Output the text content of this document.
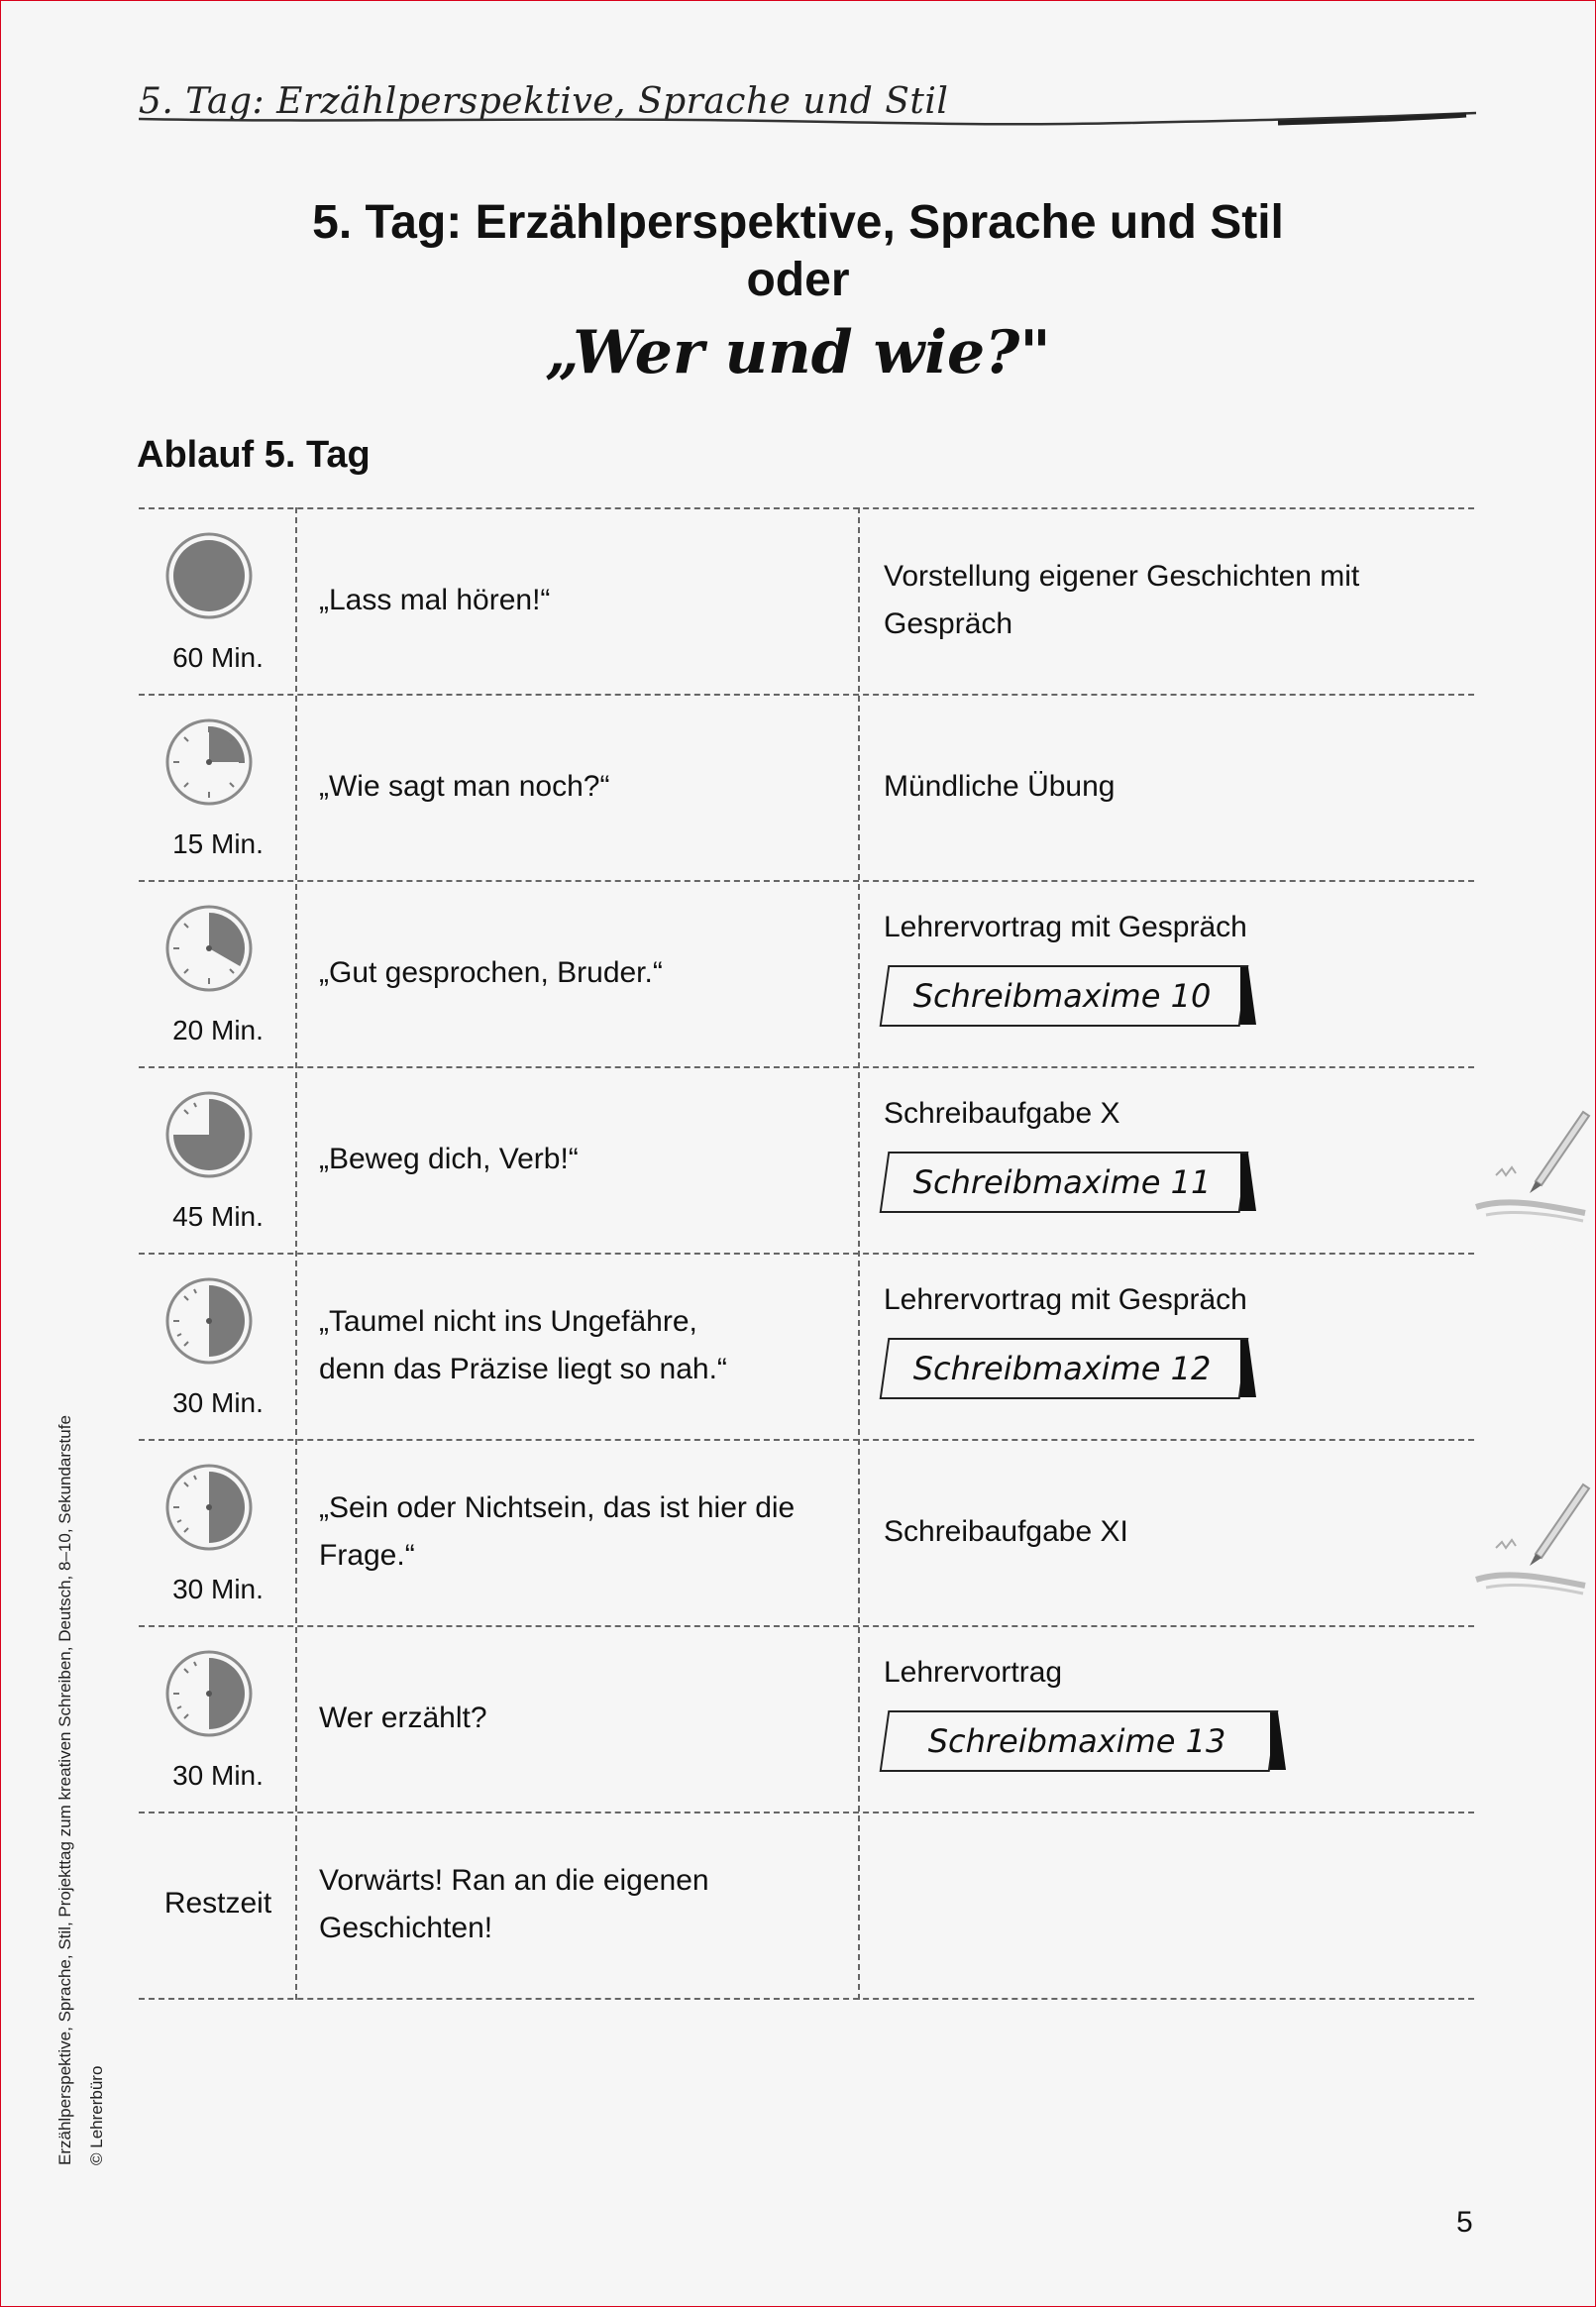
5. Tag: Erzählperspektive, Sprache und Stil
5. Tag: Erzählperspektive, Sprache und Stil
oder
„Wer und wie?"
Ablauf 5. Tag
60 Min.
„Lass mal hören!“
Vorstellung eigener Geschichten mit Gespräch
15 Min.
„Wie sagt man noch?“	Mündliche Übung
20 Min.
„Gut gesprochen, Bruder.“
Lehrervortrag mit Gespräch
Schreibmaxime 10
45 Min.
„Beweg dich, Verb!“
Schreibaufgabe X
Schreibmaxime 11
30 Min.
„Taumel nicht ins Ungefähre,
denn das Präzise liegt so nah.“
Lehrervortrag mit Gespräch
Schreibmaxime 12
30 Min.
„Sein oder Nichtsein, das ist hier die
Frage.“
Schreibaufgabe XI
30 Min.
Wer erzählt?
Lehrervortrag
Schreibmaxime 13
Restzeit
Vorwärts! Ran an die eigenen
Geschichten!
Erzählperspektive, Sprache, Stil, Projekttag zum kreativen Schreiben, Deutsch, 8–10, Sekundarstufe © Lehrerbüro
5
